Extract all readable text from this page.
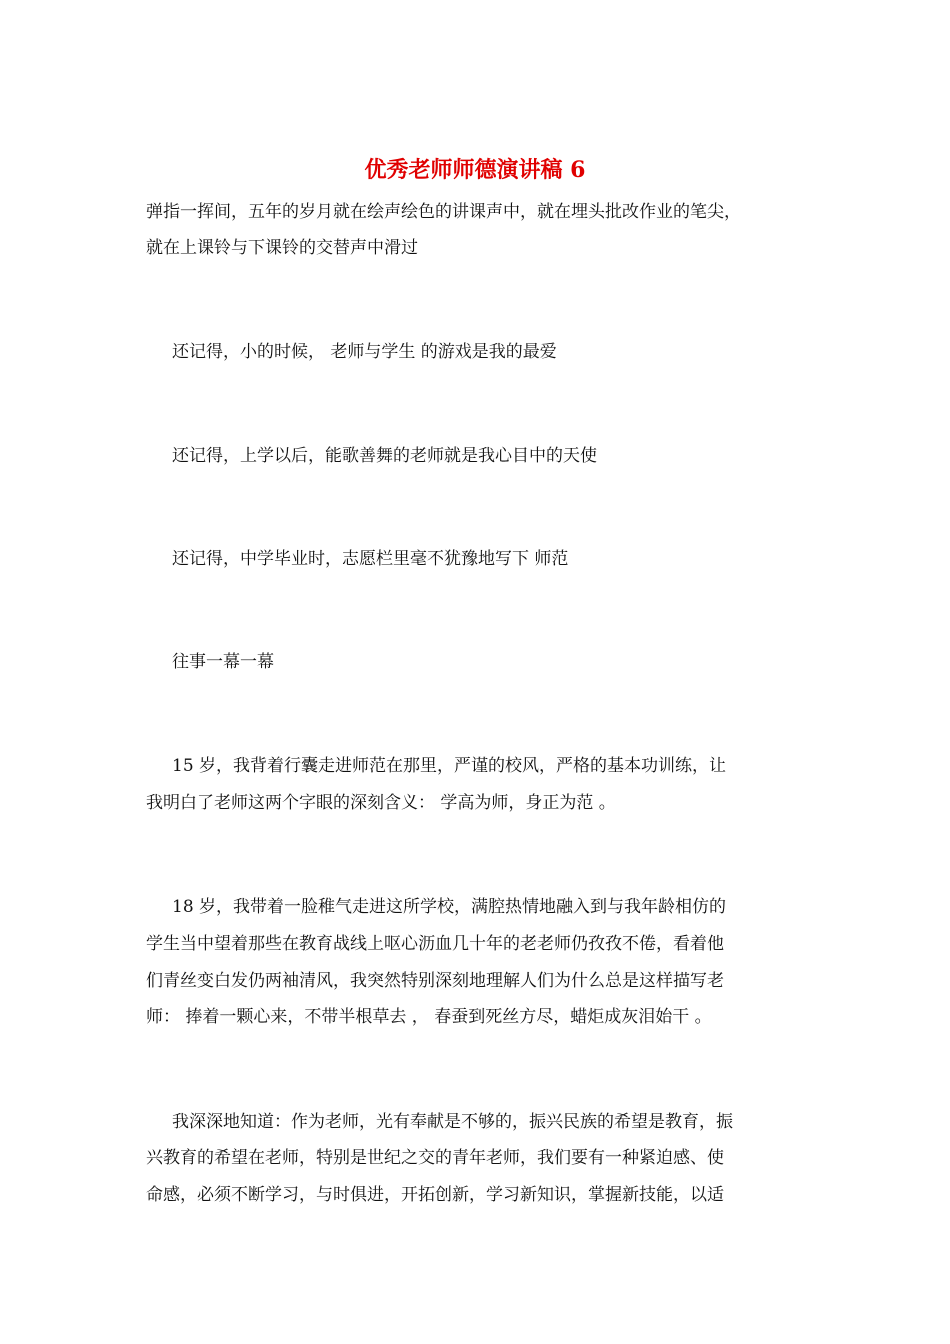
优秀老师师德演讲稿 6

弹指一挥间，五年的岁月就在绘声绘色的讲课声中，就在埋头批改作业的笔尖，

就在上课铃与下课铃的交替声中滑过

还记得，小的时候， 老师与学生 的游戏是我的最爱

还记得，上学以后，能歌善舞的老师就是我心目中的天使

还记得，中学毕业时，志愿栏里毫不犹豫地写下 师范

往事一幕一幕

15 岁，我背着行囊走进师范在那里，严谨的校风，严格的基本功训练，让

我明白了老师这两个字眼的深刻含义： 学高为师，身正为范 。

18 岁，我带着一脸稚气走进这所学校，满腔热情地融入到与我年龄相仿的

学生当中望着那些在教育战线上呕心沥血几十年的老老师仍孜孜不倦，看着他

们青丝变白发仍两袖清风，我突然特别深刻地理解人们为什么总是这样描写老

师： 捧着一颗心来，不带半根草去 ， 春蚕到死丝方尽，蜡炬成灰泪始干 。

我深深地知道：作为老师，光有奉献是不够的，振兴民族的希望是教育，振

兴教育的希望在老师，特别是世纪之交的青年老师，我们要有一种紧迫感、使

命感，必须不断学习，与时俱进，开拓创新，学习新知识，掌握新技能，以适
